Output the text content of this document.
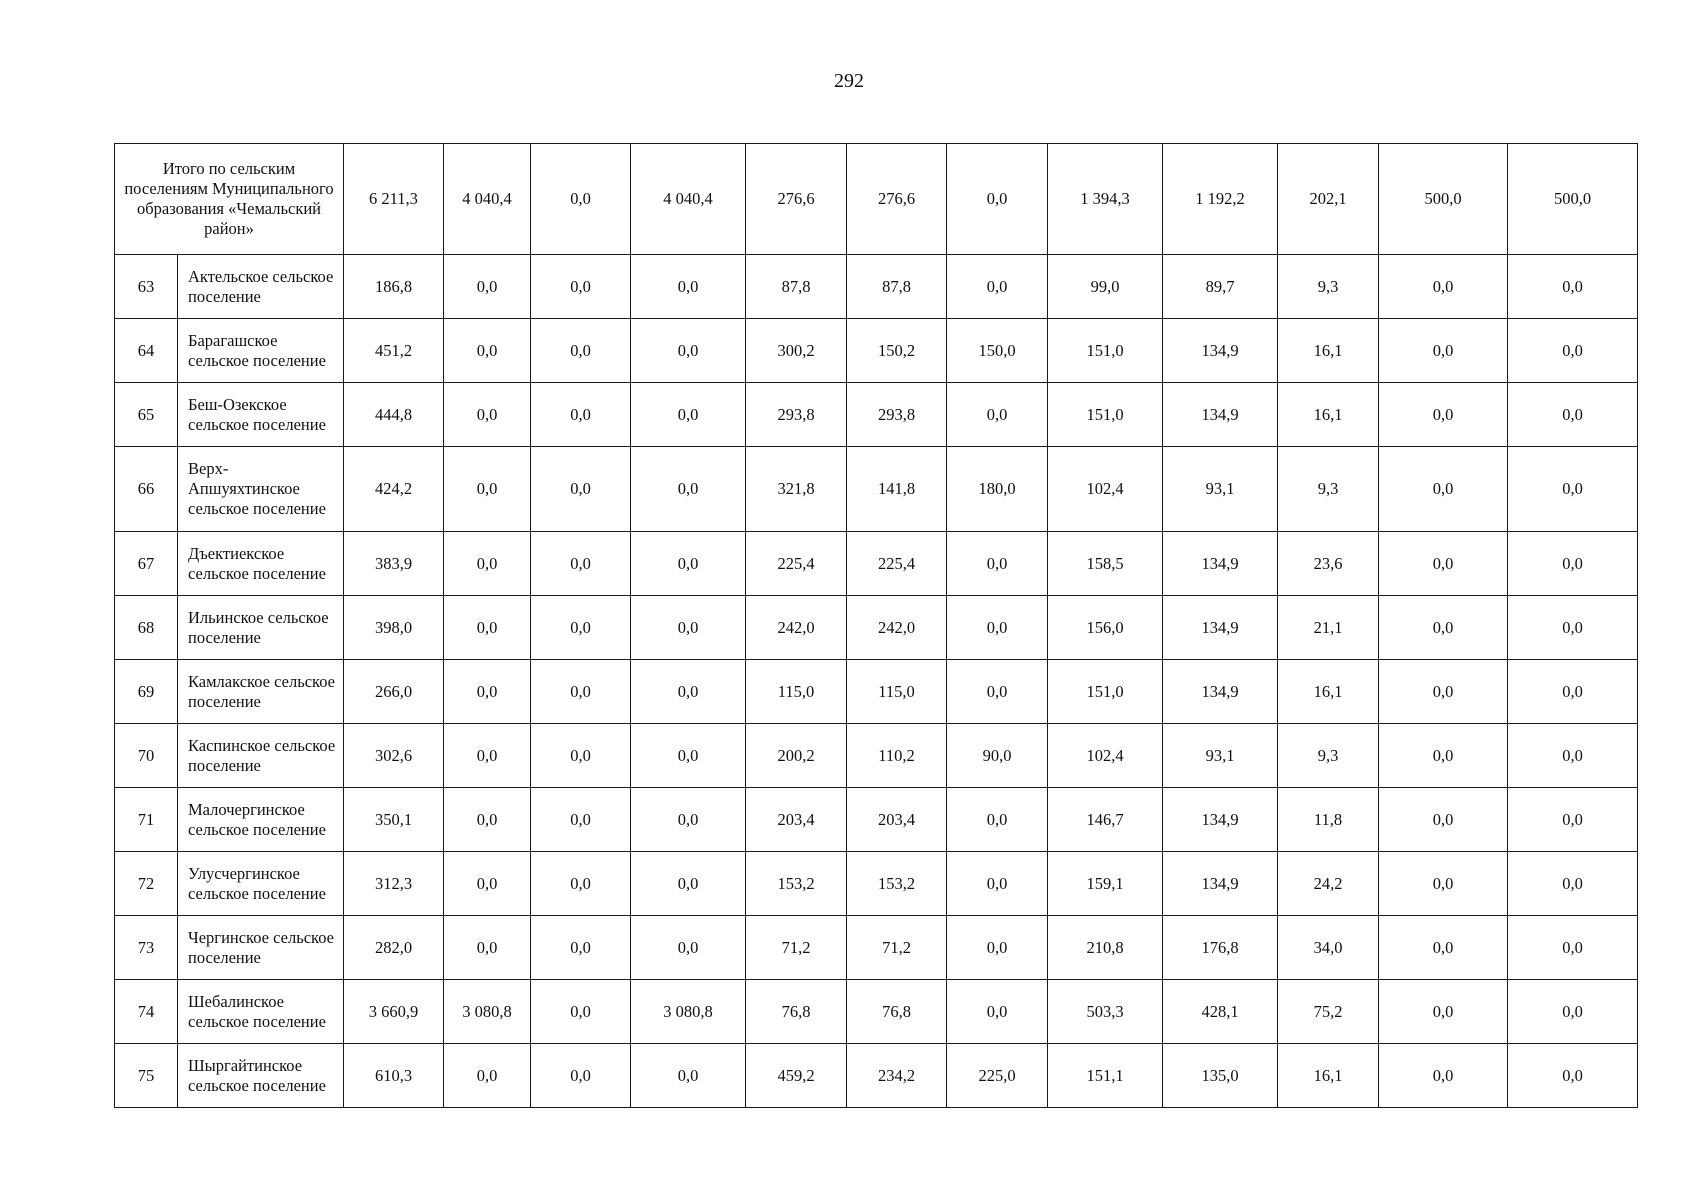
292
Итого по сельским поселениям Муниципального образования «Чемальский район»		6 211,3	4 040,4	0,0	4 040,4	276,6	276,6	0,0	1 394,3	1 192,2	202,1	500,0	500,0
63	Актельское сельское поселение	186,8	0,0	0,0	0,0	87,8	87,8	0,0	99,0	89,7	9,3	0,0	0,0
64	Барагашское сельское поселение	451,2	0,0	0,0	0,0	300,2	150,2	150,0	151,0	134,9	16,1	0,0	0,0
65	Беш-Озекское сельское поселение	444,8	0,0	0,0	0,0	293,8	293,8	0,0	151,0	134,9	16,1	0,0	0,0
66	Верх-Апшуяхтинское сельское поселение	424,2	0,0	0,0	0,0	321,8	141,8	180,0	102,4	93,1	9,3	0,0	0,0
67	Дъектиекское сельское поселение	383,9	0,0	0,0	0,0	225,4	225,4	0,0	158,5	134,9	23,6	0,0	0,0
68	Ильинское сельское поселение	398,0	0,0	0,0	0,0	242,0	242,0	0,0	156,0	134,9	21,1	0,0	0,0
69	Камлакское сельское поселение	266,0	0,0	0,0	0,0	115,0	115,0	0,0	151,0	134,9	16,1	0,0	0,0
70	Каспинское сельское поселение	302,6	0,0	0,0	0,0	200,2	110,2	90,0	102,4	93,1	9,3	0,0	0,0
71	Малочергинское сельское поселение	350,1	0,0	0,0	0,0	203,4	203,4	0,0	146,7	134,9	11,8	0,0	0,0
72	Улусчергинское сельское поселение	312,3	0,0	0,0	0,0	153,2	153,2	0,0	159,1	134,9	24,2	0,0	0,0
73	Чергинское сельское поселение	282,0	0,0	0,0	0,0	71,2	71,2	0,0	210,8	176,8	34,0	0,0	0,0
74	Шебалинское сельское поселение	3 660,9	3 080,8	0,0	3 080,8	76,8	76,8	0,0	503,3	428,1	75,2	0,0	0,0
75	Шыргайтинское сельское поселение	610,3	0,0	0,0	0,0	459,2	234,2	225,0	151,1	135,0	16,1	0,0	0,0
